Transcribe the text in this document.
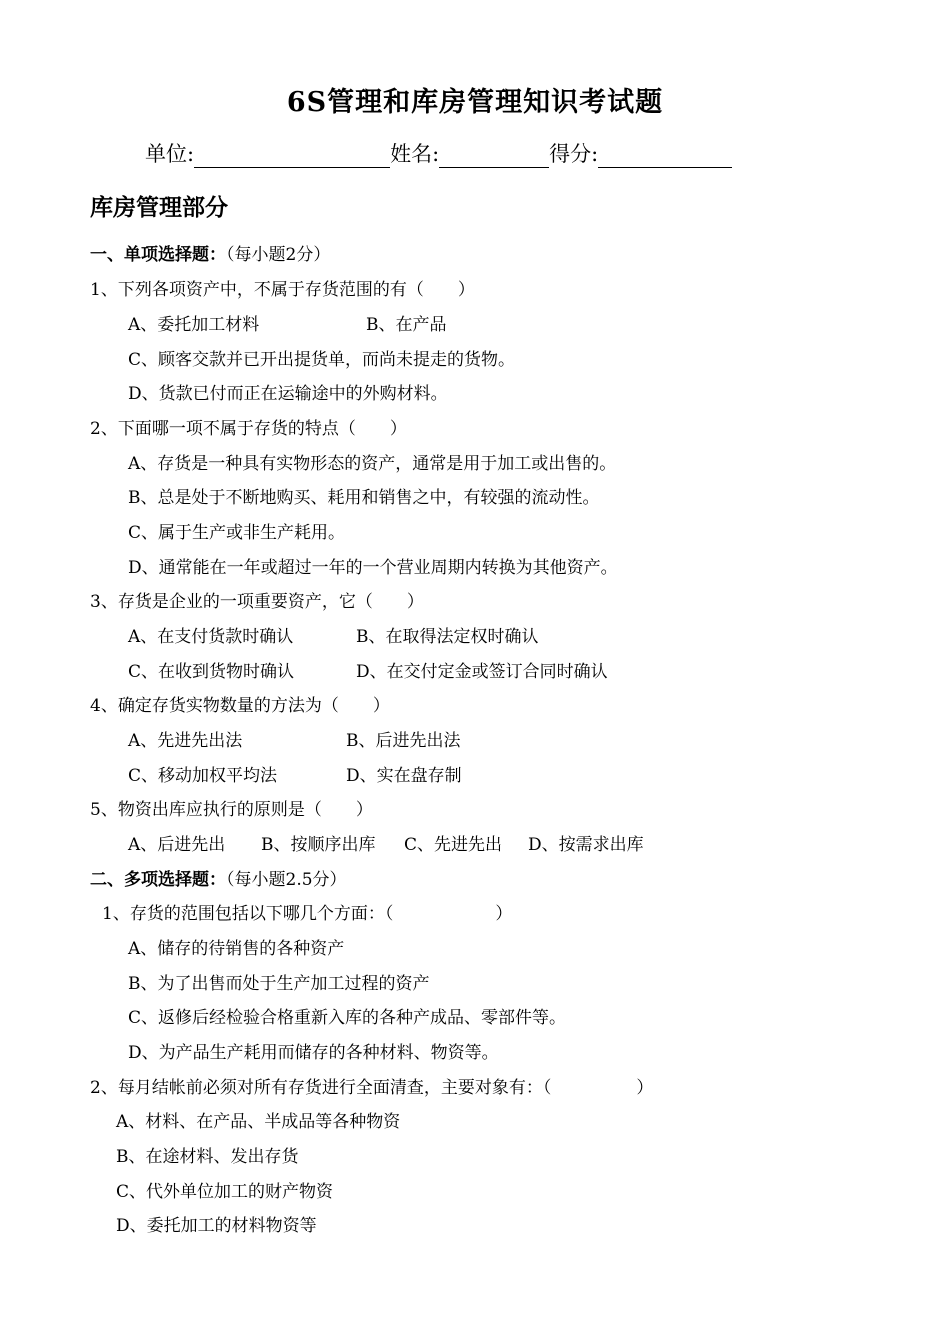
6S管理和库房管理知识考试题
单位:	姓名:	得分:
库房管理部分
一、单项选择题：（每小题2分）
1、下列各项资产中，不属于存货范围的有（　　）
A、委托加工材料	B、在产品
C、顾客交款并已开出提货单，而尚未提走的货物。
D、货款已付而正在运输途中的外购材料。
2、下面哪一项不属于存货的特点（　　）
A、存货是一种具有实物形态的资产，通常是用于加工或出售的。
B、总是处于不断地购买、耗用和销售之中，有较强的流动性。
C、属于生产或非生产耗用。
D、通常能在一年或超过一年的一个营业周期内转换为其他资产。
3、存货是企业的一项重要资产，它（　　）
A、在支付货款时确认	B、在取得法定权时确认
C、在收到货物时确认	D、在交付定金或签订合同时确认
4、确定存货实物数量的方法为（　　）
A、先进先出法	B、后进先出法
C、移动加权平均法	D、实在盘存制
5、物资出库应执行的原则是（　　）
A、后进先出 B、按顺序出库 C、先进先出 D、按需求出库
二、多项选择题：（每小题2.5分）
1、存货的范围包括以下哪几个方面：（　　　　　　）
A、储存的待销售的各种资产
B、为了出售而处于生产加工过程的资产
C、返修后经检验合格重新入库的各种产成品、零部件等。
D、为产品生产耗用而储存的各种材料、物资等。
2、每月结帐前必须对所有存货进行全面清查，主要对象有：（　　　　　）
A、材料、在产品、半成品等各种物资
B、在途材料、发出存货
C、代外单位加工的财产物资
D、委托加工的材料物资等
